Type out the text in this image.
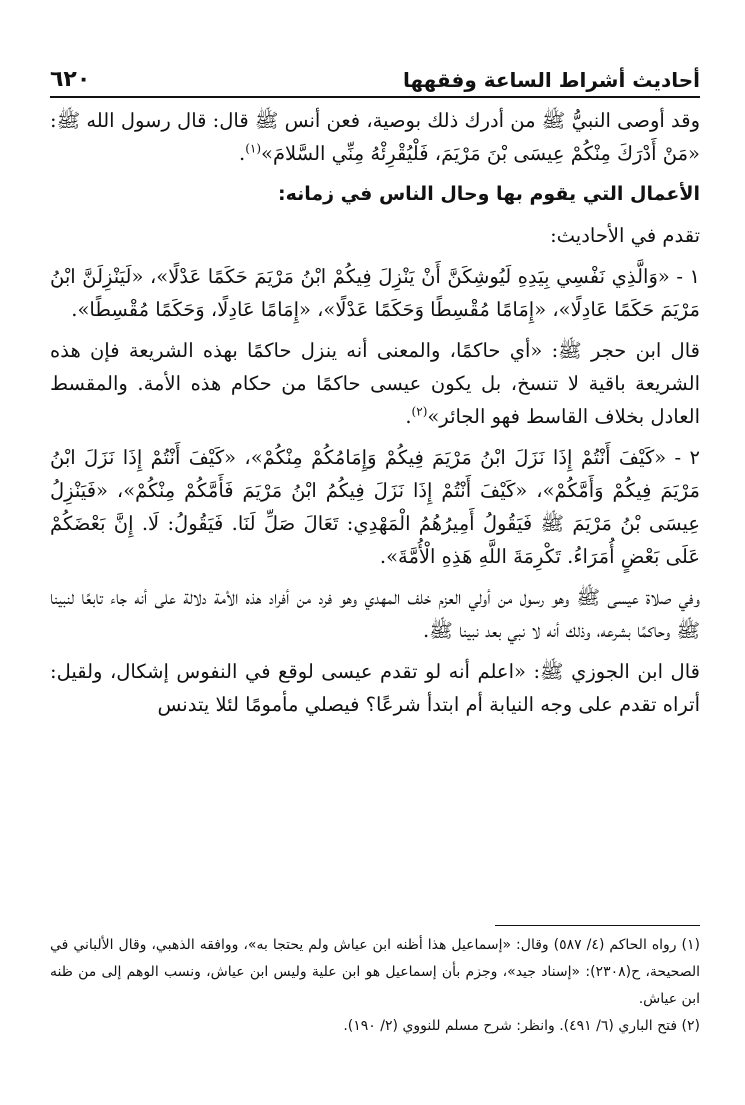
أحاديث أشراط الساعة وفقهها
٦٢٠

وقد أوصى النبيُّ ﷺ من أدرك ذلك بوصية، فعن أنس ﷺ قال: قال رسول الله ﷺ: «مَنْ أَدْرَكَ مِنْكُمْ عِيسَى بْنَ مَرْيَمَ، فَلْيُقْرِئْهُ مِنِّي السَّلامَ»$^{(١)}$.

الأعمال التي يقوم بها وحال الناس في زمانه:

تقدم في الأحاديث:

١ - «وَالَّذِي نَفْسِي بِيَدِهِ لَيُوشِكَنَّ أَنْ يَنْزِلَ فِيكُمْ ابْنُ مَرْيَمَ حَكَمًا عَدْلًا»، «لَيَنْزِلَنَّ ابْنُ مَرْيَمَ حَكَمًا عَادِلًا»، «إِمَامًا مُقْسِطًا وَحَكَمًا عَدْلًا»، «إِمَامًا عَادِلًا، وَحَكَمًا مُقْسِطًا».

قال ابن حجر ﷺ: «أي حاكمًا، والمعنى أنه ينزل حاكمًا بهذه الشريعة فإن هذه الشريعة باقية لا تنسخ، بل يكون عيسى حاكمًا من حكام هذه الأمة. والمقسط العادل بخلاف القاسط فهو الجائر»$^{(٢)}$.

٢ - «كَيْفَ أَنْتُمْ إِذَا نَزَلَ ابْنُ مَرْيَمَ فِيكُمْ وَإِمَامُكُمْ مِنْكُمْ»، «كَيْفَ أَنْتُمْ إِذَا نَزَلَ ابْنُ مَرْيَمَ فِيكُمْ وَأَمَّكُمْ»، «كَيْفَ أَنْتُمْ إِذَا نَزَلَ فِيكُمُ ابْنُ مَرْيَمَ فَأَمَّكُمْ مِنْكُمْ»، «فَيَنْزِلُ عِيسَى بْنُ مَرْيَمَ ﷺ فَيَقُولُ أَمِيرُهُمُ الْمَهْدِي: تَعَالَ صَلِّ لَنَا. فَيَقُولُ: لَا. إِنَّ بَعْضَكُمْ عَلَى بَعْضٍ أُمَرَاءُ. تَكْرِمَةَ اللَّهِ هَذِهِ الْأُمَّةَ».

وفي صلاة عيسى ﷺ وهو رسول من أولي العزم خلف المهدي وهو فرد من أفراد هذه الأمة دلالة على أنه جاء تابعًا لنبينا ﷺ وحاكمًا بشرعه، وذلك أنه لا نبي بعد نبينا ﷺ.

قال ابن الجوزي ﷺ: «اعلم أنه لو تقدم عيسى لوقع في النفوس إشكال، ولقيل: أتراه تقدم على وجه النيابة أم ابتدأ شرعًا؟ فيصلي مأمومًا لئلا يتدنس

(١) رواه الحاكم (٤/ ٥٨٧) وقال: «إسماعيل هذا أظنه ابن عياش ولم يحتجا به»، ووافقه الذهبي، وقال الألباني في الصحيحة، ح(٢٣٠٨): «إسناد جيد»، وجزم بأن إسماعيل هو ابن علية وليس ابن عياش، ونسب الوهم إلى من ظنه ابن عياش.

(٢) فتح الباري (٦/ ٤٩١). وانظر: شرح مسلم للنووي (٢/ ١٩٠).
